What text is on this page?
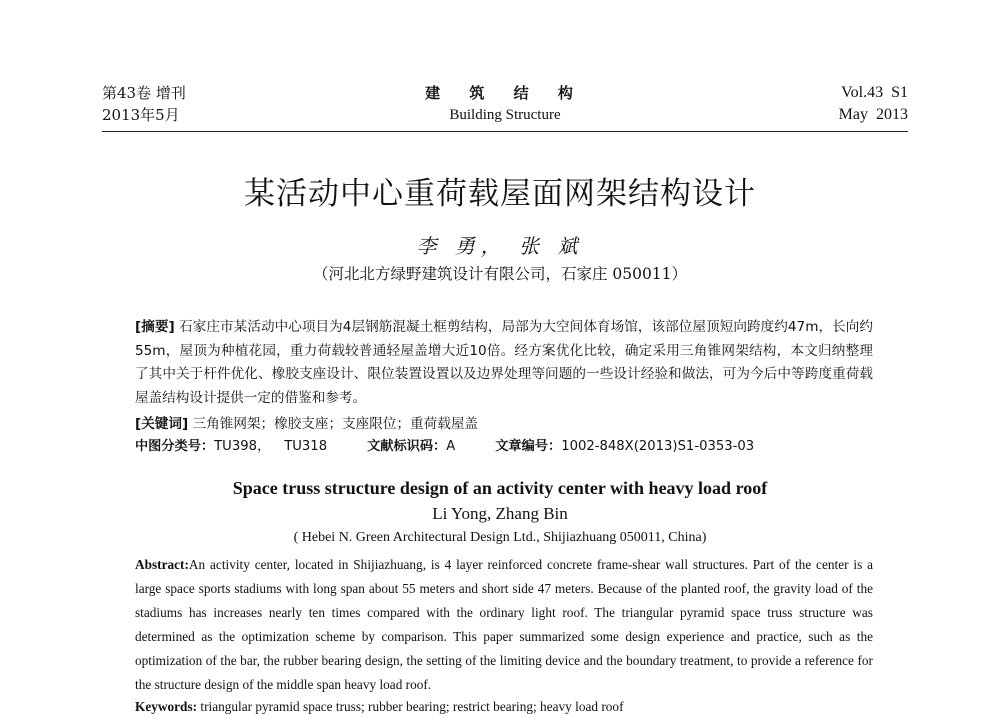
第43卷 增刊
2013年5月
建 筑 结 构
Building Structure
Vol.43  S1
May  2013
某活动中心重荷载屋面网架结构设计
李 勇， 张 斌
（河北北方绿野建筑设计有限公司，石家庄 050011）
[摘要] 石家庄市某活动中心项目为4层钢筋混凝土框剪结构，局部为大空间体育场馆，该部位屋顶短向跨度约47m，长向约55m，屋顶为种植花园，重力荷载较普通轻屋盖增大近10倍。经方案优化比较，确定采用三角锥网架结构，本文归纳整理了其中关于杆件优化、橡胶支座设计、限位装置设置以及边界处理等问题的一些设计经验和做法，可为今后中等跨度重荷载屋盖结构设计提供一定的借鉴和参考。
[关键词] 三角锥网架；橡胶支座；支座限位；重荷载屋盖
中图分类号：TU398， TU318	文献标识码：A	文章编号：1002-848X(2013)S1-0353-03
Space truss structure design of an activity center with heavy load roof
Li Yong, Zhang Bin
( Hebei N. Green Architectural Design Ltd., Shijiazhuang 050011, China)
Abstract:An activity center, located in Shijiazhuang, is 4 layer reinforced concrete frame-shear wall structures. Part of the center is a large space sports stadiums with long span about 55 meters and short side 47 meters. Because of the planted roof, the gravity load of the stadiums has increases nearly ten times compared with the ordinary light roof. The triangular pyramid space truss structure was determined as the optimization scheme by comparison. This paper summarized some design experience and practice, such as the optimization of the bar, the rubber bearing design, the setting of the limiting device and the boundary treatment, to provide a reference for the structure design of the middle span heavy load roof.
Keywords: triangular pyramid space truss; rubber bearing; restrict bearing; heavy load roof
